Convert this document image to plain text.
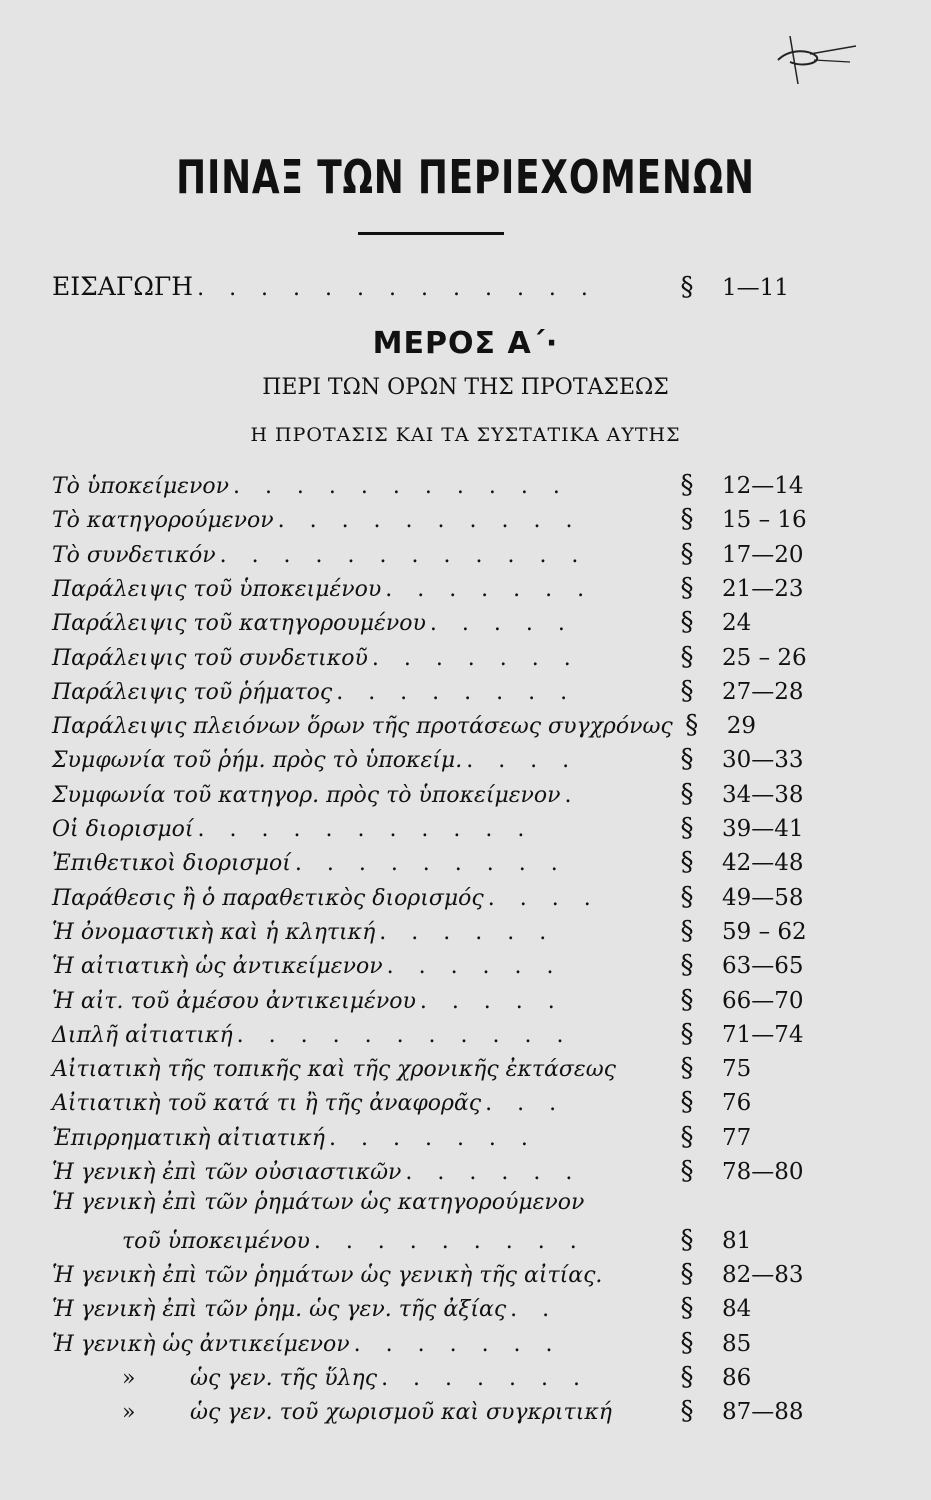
ΠΙΝΑΞ ΤΩΝ ΠΕΡΙΕΧΟΜΕΝΩΝ
ΕΙΣΑΓΩΓΗ . . . . . . . . . . . . .	§	1—11
ΜΕΡΟΣ Α΄·
ΠΕΡΙ ΤΩΝ ΟΡΩΝ ΤΗΣ ΠΡΟΤΑΣΕΩΣ
Η ΠΡΟΤΑΣΙΣ ΚΑΙ ΤΑ ΣΥΣΤΑΤΙΚΑ ΑΥΤΗΣ
Τὸ ὑποκείμενον . . . . . . . . . . .	§	12—14
Τὸ κατηγορούμενον . . . . . . . . . .	§	15 – 16
Τὸ συνδετικόν . . . . . . . . . . . .	§	17—20
Παράλειψις τοῦ ὑποκειμένου . . . . . . .	§	21—23
Παράλειψις τοῦ κατηγορουμένου . . . . .	§	24
Παράλειψις τοῦ συνδετικοῦ . . . . . . .	§	25 – 26
Παράλειψις τοῦ ῥήματος . . . . . . . .	§	27—28
Παράλειψις πλειόνων ὅρων τῆς προτάσεως συγχρόνως §	29
Συμφωνία τοῦ ῥήμ. πρὸς τὸ ὑποκείμ. . . . .	§	30—33
Συμφωνία τοῦ κατηγορ. πρὸς τὸ ὑποκείμενον .	§	34—38
Οἱ διορισμοί . . . . . . . . . . .	§	39—41
Ἐπιθετικοὶ διορισμοί . . . . . . . . .	§	42—48
Παράθεσις ἢ ὁ παραθετικὸς διορισμός . . . .	§	49—58
Ἡ ὀνομαστικὴ καὶ ἡ κλητική . . . . . .	§	59 – 62
Ἡ αἰτιατικὴ ὡς ἀντικείμενον . . . . . .	§	63—65
Ἡ αἰτ. τοῦ ἀμέσου ἀντικειμένου . . . . .	§	66—70
Διπλῆ αἰτιατική . . . . . . . . . . .	§	71—74
Αἰτιατικὴ τῆς τοπικῆς καὶ τῆς χρονικῆς ἐκτάσεως	§	75
Αἰτιατικὴ τοῦ κατά τι ἢ τῆς ἀναφορᾶς . . .	§	76
Ἐπιρρηματικὴ αἰτιατική . . . . . . .	§	77
Ἡ γενικὴ ἐπὶ τῶν οὐσιαστικῶν . . . . . .	§	78—80
Ἡ γενικὴ ἐπὶ τῶν ῥημάτων ὡς κατηγορούμενον
τοῦ ὑποκειμένου . . . . . . . . .	§	81
Ἡ γενικὴ ἐπὶ τῶν ῥημάτων ὡς γενικὴ τῆς αἰτίας.	§	82—83
Ἡ γενικὴ ἐπὶ τῶν ῥημ. ὡς γεν. τῆς ἀξίας . .	§	84
Ἡ γενικὴ ὡς ἀντικείμενον . . . . . . .	§	85
» ὡς γεν. τῆς ὕλης . . . . . . .	§	86
» ὡς γεν. τοῦ χωρισμοῦ καὶ συγκριτική	§	87—88
